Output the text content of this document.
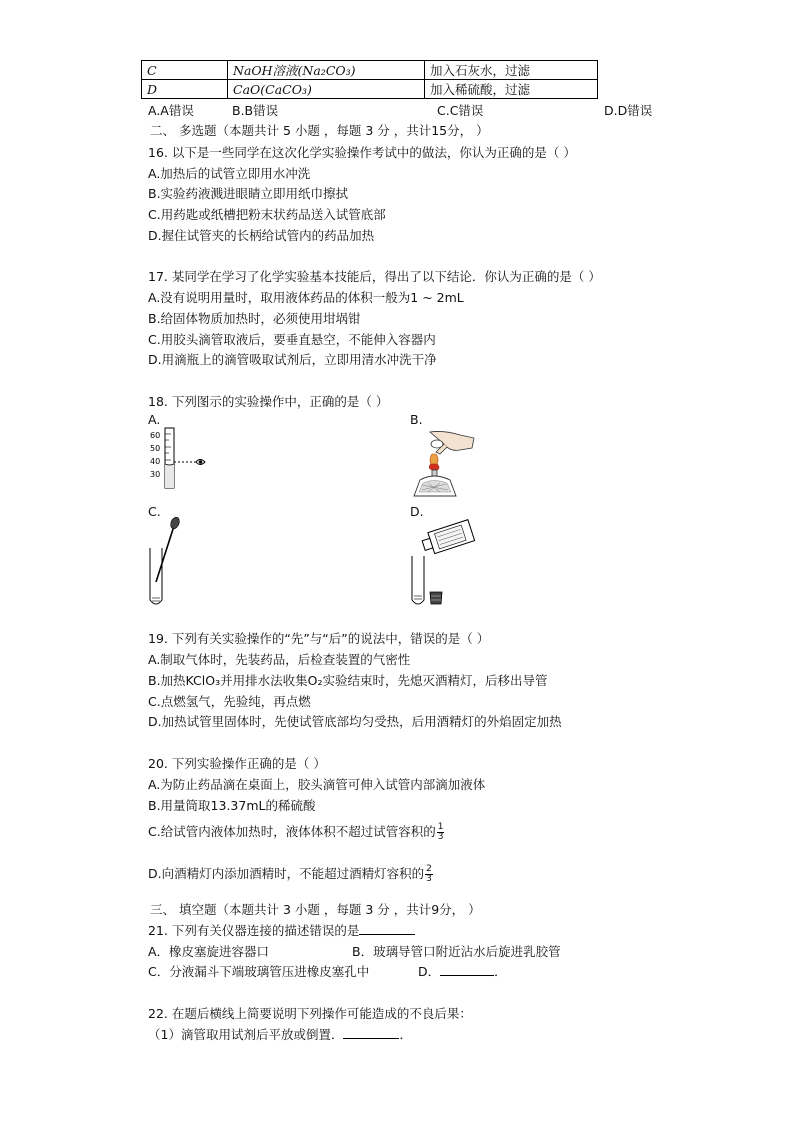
C	NaOH溶液(Na₂CO₃)	加入石灰水，过滤
D	CaO(CaCO₃)	加入稀硫酸，过滤
A.A错误	B.B错误	C.C错误	D.D错误
二、 多选题（本题共计 5 小题 ，每题 3 分 ，共计15分， ）
16. 以下是一些同学在这次化学实验操作考试中的做法，你认为正确的是（ ）
A.加热后的试管立即用水冲洗
B.实验药液溅进眼睛立即用纸巾擦拭
C.用药匙或纸槽把粉末状药品送入试管底部
D.握住试管夹的长柄给试管内的药品加热
17. 某同学在学习了化学实验基本技能后，得出了以下结论．你认为正确的是（ ）
A.没有说明用量时，取用液体药品的体积一般为1 ~ 2mL
B.给固体物质加热时，必须使用坩埚钳
C.用胶头滴管取液后，要垂直悬空，不能伸入容器内
D.用滴瓶上的滴管吸取试剂后，立即用清水冲洗干净
18. 下列图示的实验操作中，正确的是（ ）
A.	B.
C.	D.
60
50
40
30
19. 下列有关实验操作的“先”与“后”的说法中，错误的是（ ）
A.制取气体时，先装药品，后检查装置的气密性
B.加热KClO₃并用排水法收集O₂实验结束时，先熄灭酒精灯，后移出导管
C.点燃氢气，先验纯，再点燃
D.加热试管里固体时，先使试管底部均匀受热，后用酒精灯的外焰固定加热
20. 下列实验操作正确的是（ ）
A.为防止药品滴在桌面上，胶头滴管可伸入试管内部滴加液体
B.用量筒取13.37mL的稀硫酸
C.给试管内液体加热时，液体体积不超过试管容积的 $\frac{1}{3}$
D.向酒精灯内添加酒精时，不能超过酒精灯容积的 $\frac{2}{3}$
三、 填空题（本题共计 3 小题 ，每题 3 分 ，共计9分， ）
21. 下列有关仪器连接的描述错误的是
A．橡皮塞旋进容器口	B．玻璃导管口附近沾水后旋进乳胶管
C．分液漏斗下端玻璃管压进橡皮塞孔中	D．	．
22. 在题后横线上简要说明下列操作可能造成的不良后果：
（1）滴管取用试剂后平放或倒置．	．
